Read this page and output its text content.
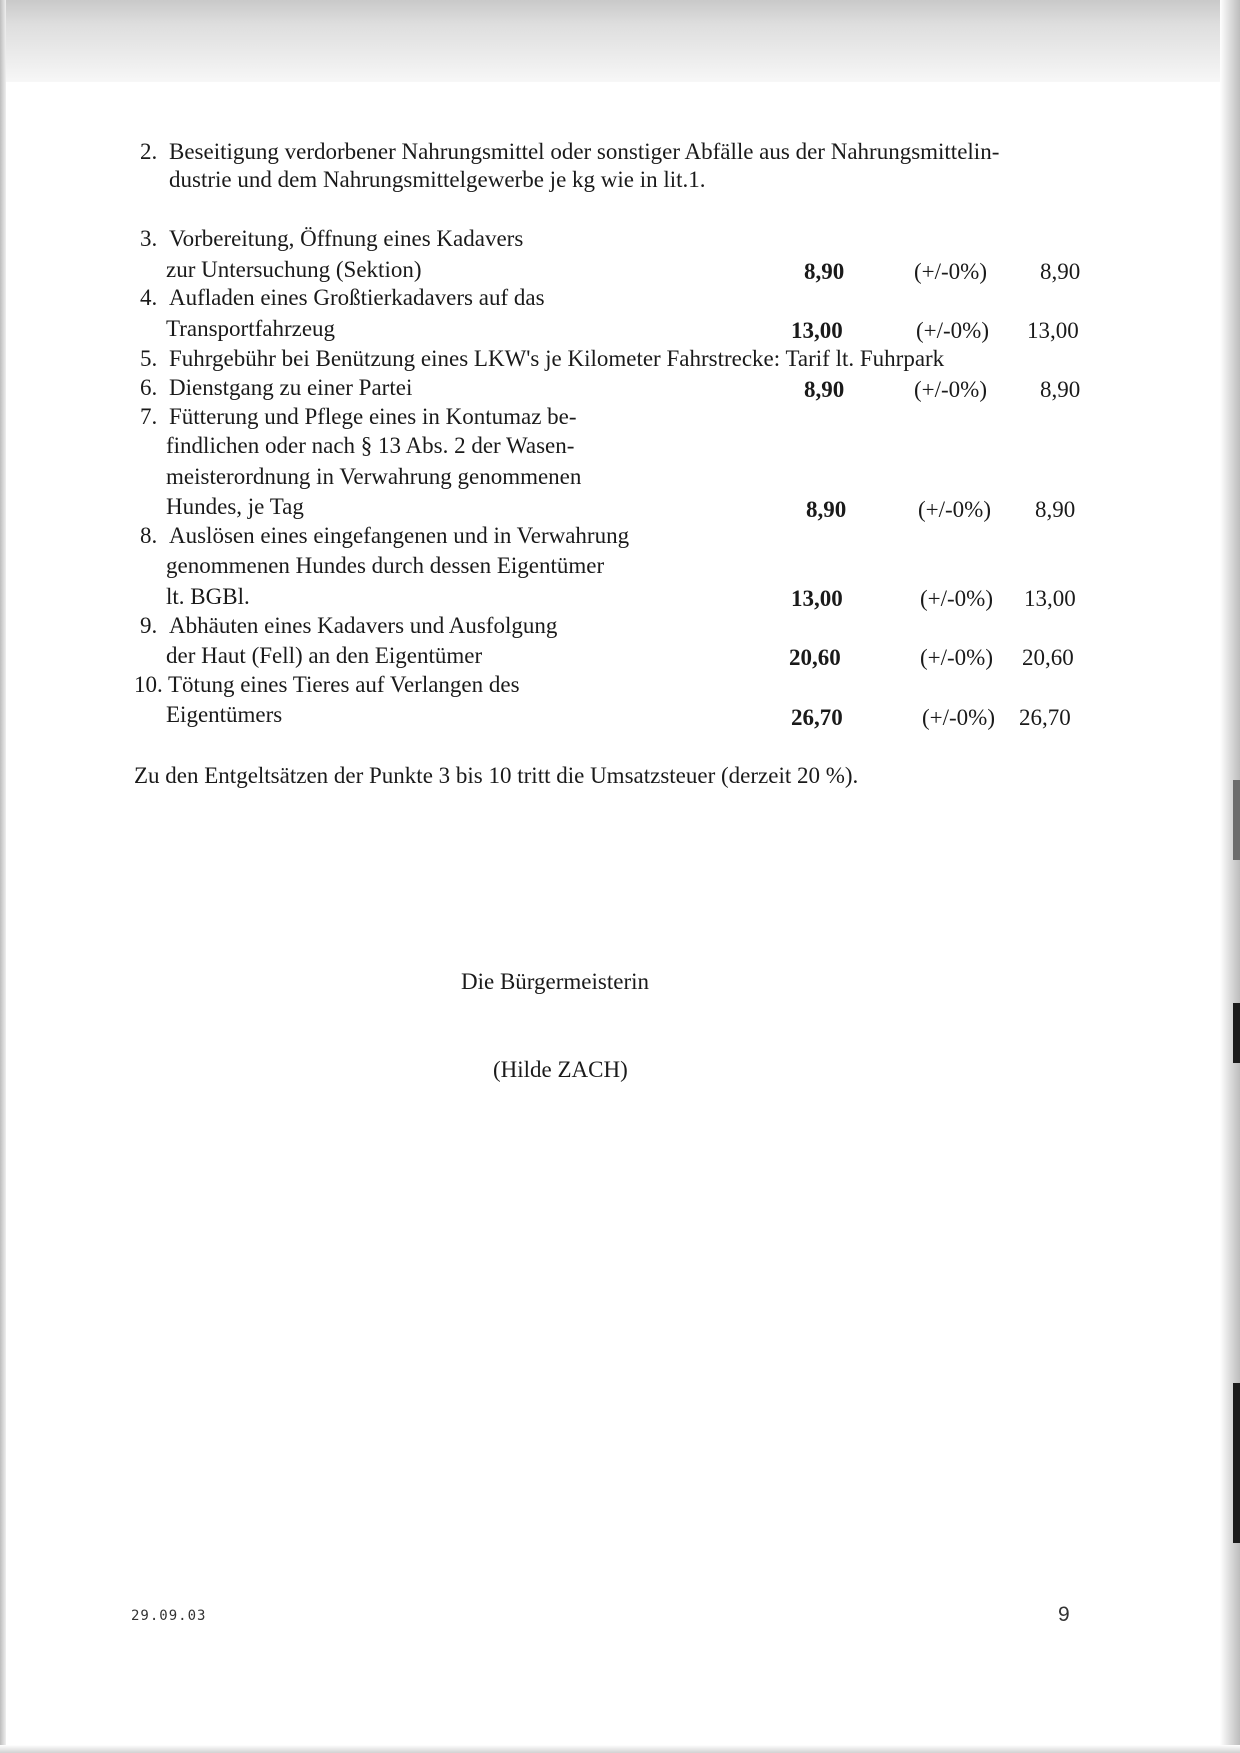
2. Beseitigung verdorbener Nahrungsmittel oder sonstiger Abfälle aus der Nahrungsmittelin-
dustrie und dem Nahrungsmittelgewerbe je kg wie in lit.1.
3. Vorbereitung, Öffnung eines Kadavers
zur Untersuchung (Sektion)	8,90	(+/-0%) 8,90
4. Aufladen eines Großtierkadavers auf das
Transportfahrzeug	13,00	(+/-0%) 13,00
5. Fuhrgebühr bei Benützung eines LKW's je Kilometer Fahrstrecke: Tarif lt. Fuhrpark
6. Dienstgang zu einer Partei	8,90	(+/-0%) 8,90
7. Fütterung und Pflege eines in Kontumaz be-
findlichen oder nach § 13 Abs. 2 der Wasen-
meisterordnung in Verwahrung genommenen
Hundes, je Tag	8,90	(+/-0%) 8,90
8. Auslösen eines eingefangenen und in Verwahrung
genommenen Hundes durch dessen Eigentümer
lt. BGBl.	13,00	(+/-0%) 13,00
9. Abhäuten eines Kadavers und Ausfolgung
der Haut (Fell) an den Eigentümer	20,60	(+/-0%) 20,60
10. Tötung eines Tieres auf Verlangen des
Eigentümers	26,70	(+/-0%) 26,70
Zu den Entgeltsätzen der Punkte 3 bis 10 tritt die Umsatzsteuer (derzeit 20 %).
Die Bürgermeisterin
(Hilde ZACH)
29.09.03	9
